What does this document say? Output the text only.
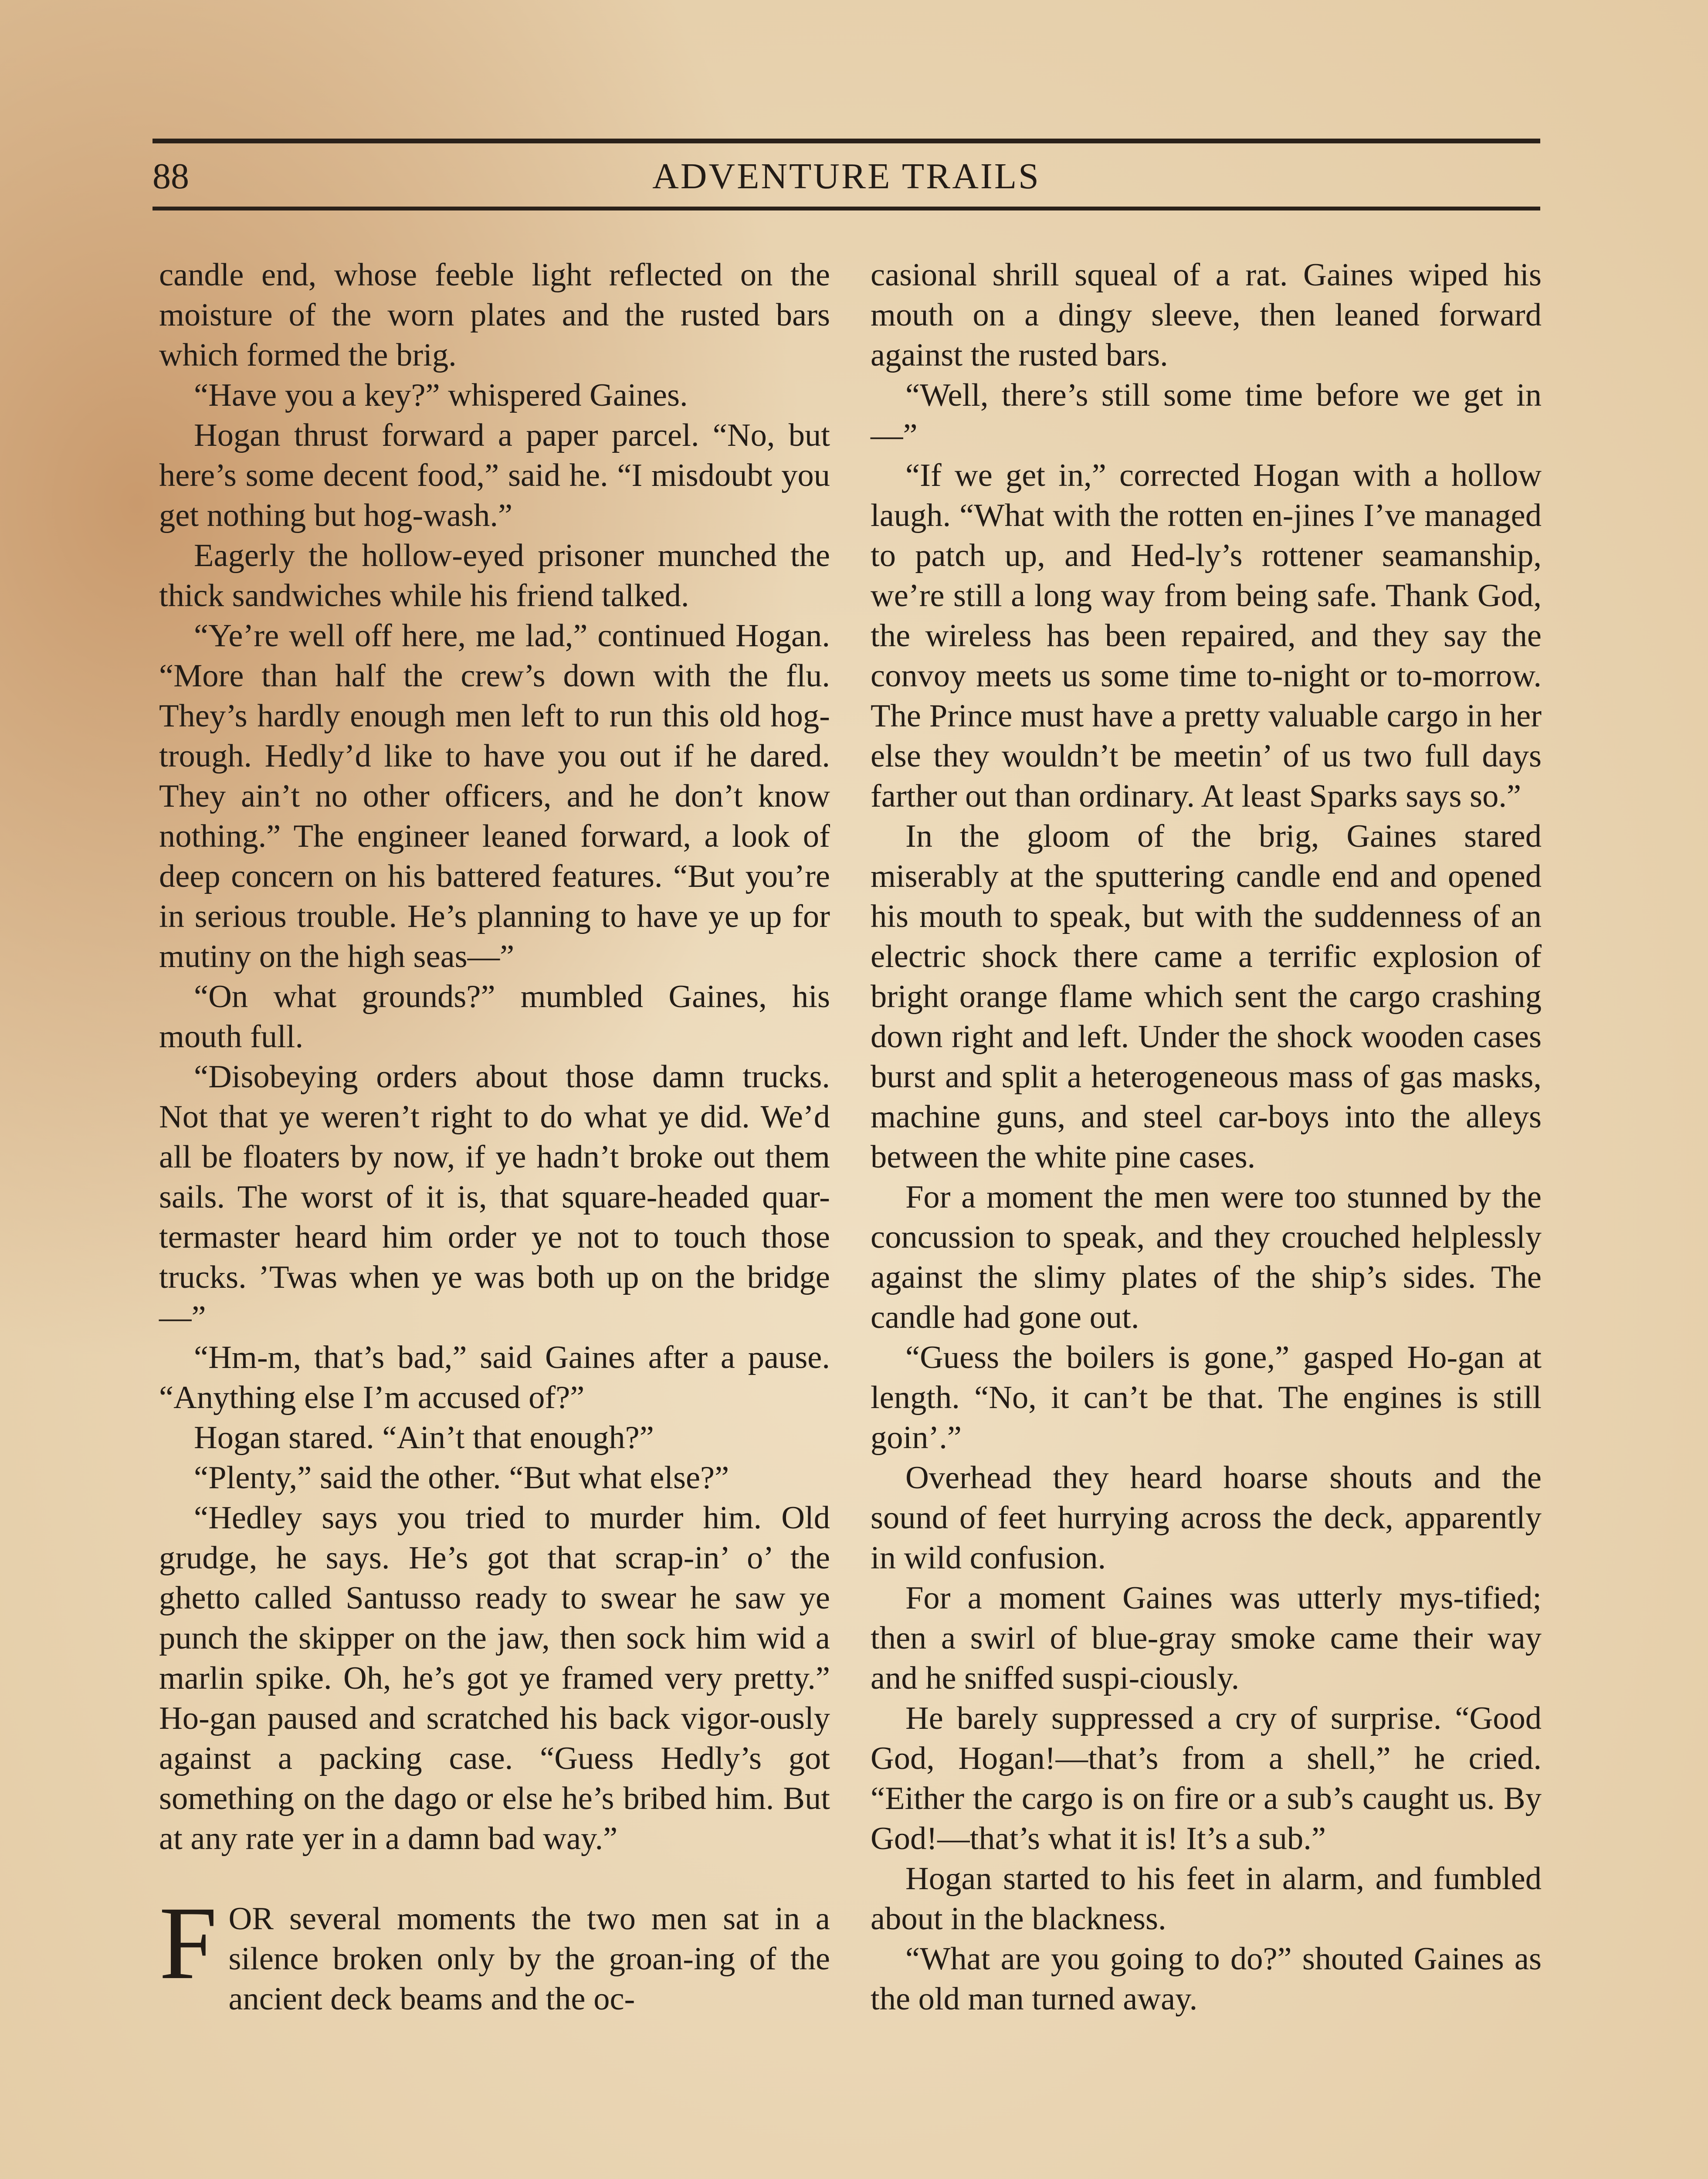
88	ADVENTURE TRAILS

candle end, whose feeble light reflected on the moisture of the worn plates and the rusted bars which formed the brig.

“Have you a key?” whispered Gaines.

Hogan thrust forward a paper parcel. “No, but here’s some decent food,” said he. “I misdoubt you get nothing but hog-wash.”

Eagerly the hollow-eyed prisoner munched the thick sandwiches while his friend talked.

“Ye’re well off here, me lad,” continued Hogan. “More than half the crew’s down with the flu. They’s hardly enough men left to run this old hog-trough. Hedly’d like to have you out if he dared. They ain’t no other officers, and he don’t know nothing.” The engineer leaned forward, a look of deep concern on his battered features. “But you’re in serious trouble. He’s planning to have ye up for mutiny on the high seas—”

“On what grounds?” mumbled Gaines, his mouth full.

“Disobeying orders about those damn trucks. Not that ye weren’t right to do what ye did. We’d all be floaters by now, if ye hadn’t broke out them sails. The worst of it is, that square-headed quar-termaster heard him order ye not to touch those trucks. ’Twas when ye was both up on the bridge—”

“Hm-m, that’s bad,” said Gaines after a pause. “Anything else I’m accused of?”

Hogan stared. “Ain’t that enough?”

“Plenty,” said the other. “But what else?”

“Hedley says you tried to murder him. Old grudge, he says. He’s got that scrap-in’ o’ the ghetto called Santusso ready to swear he saw ye punch the skipper on the jaw, then sock him wid a marlin spike. Oh, he’s got ye framed very pretty.” Ho-gan paused and scratched his back vigor-ously against a packing case. “Guess Hedly’s got something on the dago or else he’s bribed him. But at any rate yer in a damn bad way.”

FOR several moments the two men sat in a silence broken only by the groan-ing of the ancient deck beams and the oc-

casional shrill squeal of a rat. Gaines wiped his mouth on a dingy sleeve, then leaned forward against the rusted bars.

“Well, there’s still some time before we get in—”

“If we get in,” corrected Hogan with a hollow laugh. “What with the rotten en-jines I’ve managed to patch up, and Hed-ly’s rottener seamanship, we’re still a long way from being safe. Thank God, the wireless has been repaired, and they say the convoy meets us some time to-night or to-morrow. The Prince must have a pretty valuable cargo in her else they wouldn’t be meetin’ of us two full days farther out than ordinary. At least Sparks says so.”

In the gloom of the brig, Gaines stared miserably at the sputtering candle end and opened his mouth to speak, but with the suddenness of an electric shock there came a terrific explosion of bright orange flame which sent the cargo crashing down right and left. Under the shock wooden cases burst and split a heterogeneous mass of gas masks, machine guns, and steel car-boys into the alleys between the white pine cases.

For a moment the men were too stunned by the concussion to speak, and they crouched helplessly against the slimy plates of the ship’s sides. The candle had gone out.

“Guess the boilers is gone,” gasped Ho-gan at length. “No, it can’t be that. The engines is still goin’.”

Overhead they heard hoarse shouts and the sound of feet hurrying across the deck, apparently in wild confusion.

For a moment Gaines was utterly mys-tified; then a swirl of blue-gray smoke came their way and he sniffed suspi-ciously.

He barely suppressed a cry of surprise. “Good God, Hogan!—that’s from a shell,” he cried. “Either the cargo is on fire or a sub’s caught us. By God!—that’s what it is! It’s a sub.”

Hogan started to his feet in alarm, and fumbled about in the blackness.

“What are you going to do?” shouted Gaines as the old man turned away.
